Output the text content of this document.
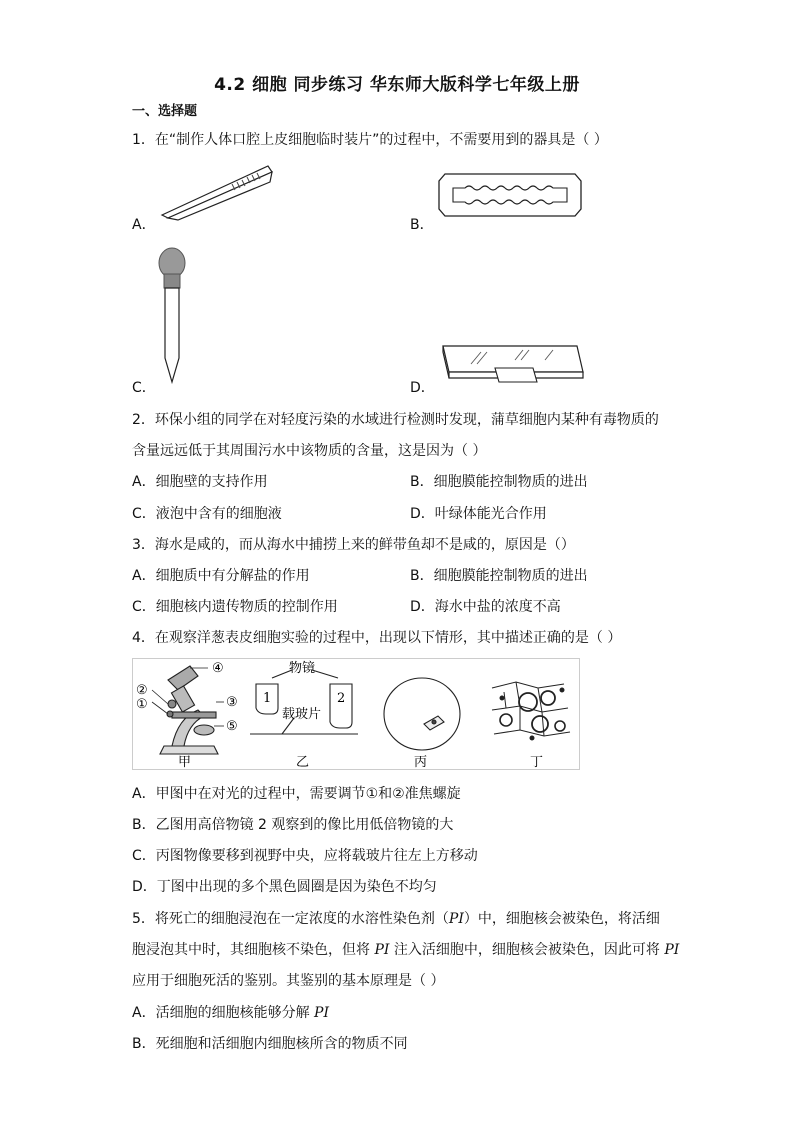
4.2 细胞 同步练习 华东师大版科学七年级上册
一、选择题
1．在“制作人体口腔上皮细胞临时装片”的过程中，不需要用到的器具是（ ）
A．	B．
C．	D．
2．环保小组的同学在对轻度污染的水域进行检测时发现，蒲草细胞内某种有毒物质的
含量远远低于其周围污水中该物质的含量，这是因为（ ）
A．细胞壁的支持作用	B．细胞膜能控制物质的进出
C．液泡中含有的细胞液	D．叶绿体能光合作用
3．海水是咸的，而从海水中捕捞上来的鲜带鱼却不是咸的，原因是（）
A．细胞质中有分解盐的作用	B．细胞膜能控制物质的进出
C．细胞核内遗传物质的控制作用	D．海水中盐的浓度不高
4．在观察洋葱表皮细胞实验的过程中，出现以下情形，其中描述正确的是（ ）
④
②
①	③
⑤
甲
物镜
1	2
载玻片
乙	丙	丁
A．甲图中在对光的过程中，需要调节①和②准焦螺旋
B．乙图用高倍物镜 2 观察到的像比用低倍物镜的大
C．丙图物像要移到视野中央，应将载玻片往左上方移动
D．丁图中出现的多个黑色圆圈是因为染色不均匀
5．将死亡的细胞浸泡在一定浓度的水溶性染色剂（PI）中，细胞核会被染色，将活细
胞浸泡其中时，其细胞核不染色，但将 PI 注入活细胞中，细胞核会被染色，因此可将 PI
应用于细胞死活的鉴别。其鉴别的基本原理是（ ）
A．活细胞的细胞核能够分解 PI
B．死细胞和活细胞内细胞核所含的物质不同
